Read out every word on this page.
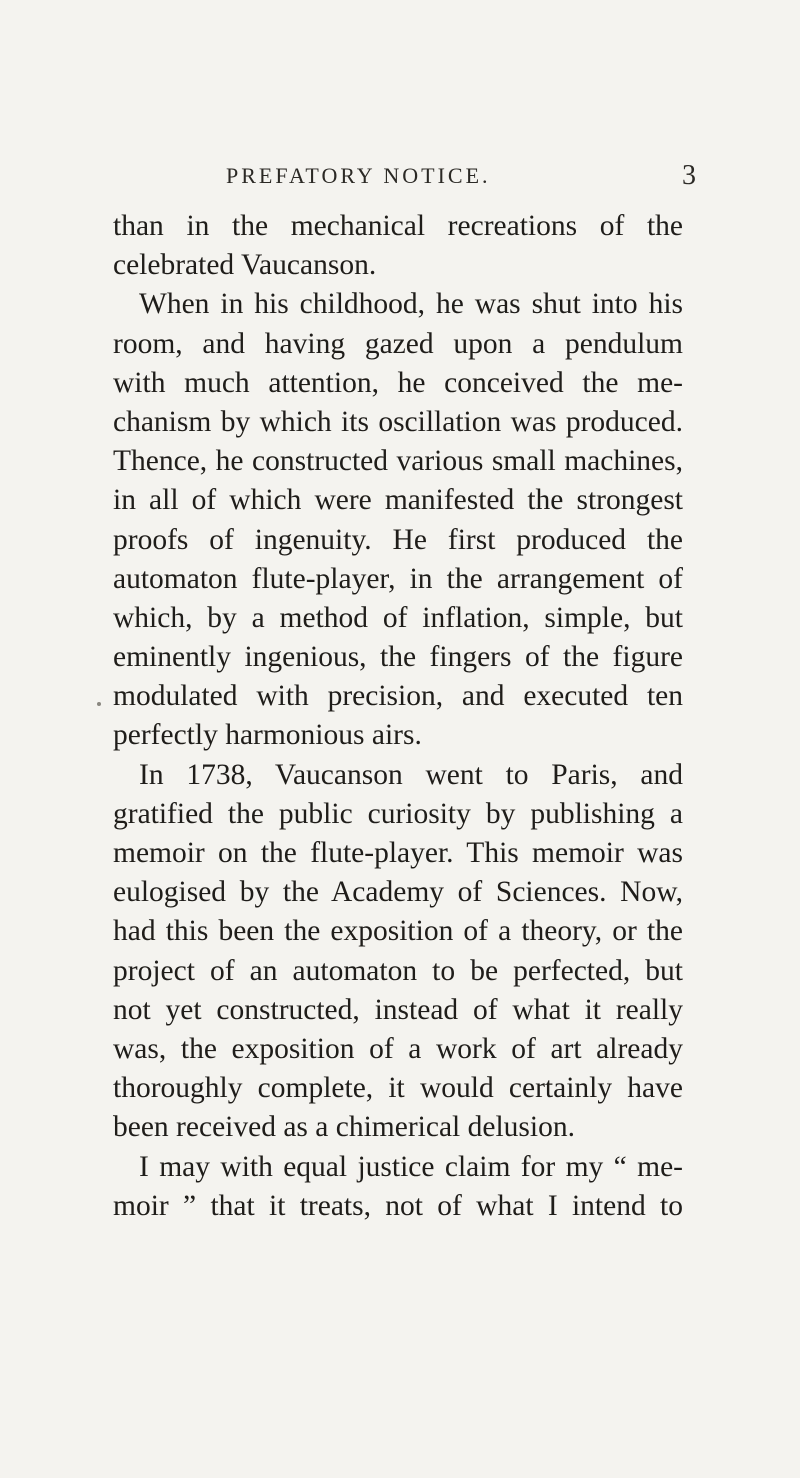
PREFATORY NOTICE.	3
than in the mechanical recreations of the
celebrated Vaucanson.
When in his childhood, he was shut into his
room, and having gazed upon a pendulum
with much attention, he conceived the me-
chanism by which its oscillation was produced.
Thence, he constructed various small machines,
in all of which were manifested the strongest
proofs of ingenuity. He first produced the
automaton flute-player, in the arrangement of
which, by a method of inflation, simple, but
eminently ingenious, the fingers of the figure
modulated with precision, and executed ten
perfectly harmonious airs.
In 1738, Vaucanson went to Paris, and
gratified the public curiosity by publishing a
memoir on the flute-player. This memoir was
eulogised by the Academy of Sciences. Now,
had this been the exposition of a theory, or the
project of an automaton to be perfected, but
not yet constructed, instead of what it really
was, the exposition of a work of art already
thoroughly complete, it would certainly have
been received as a chimerical delusion.
I may with equal justice claim for my “ me-
moir ” that it treats, not of what I intend to
